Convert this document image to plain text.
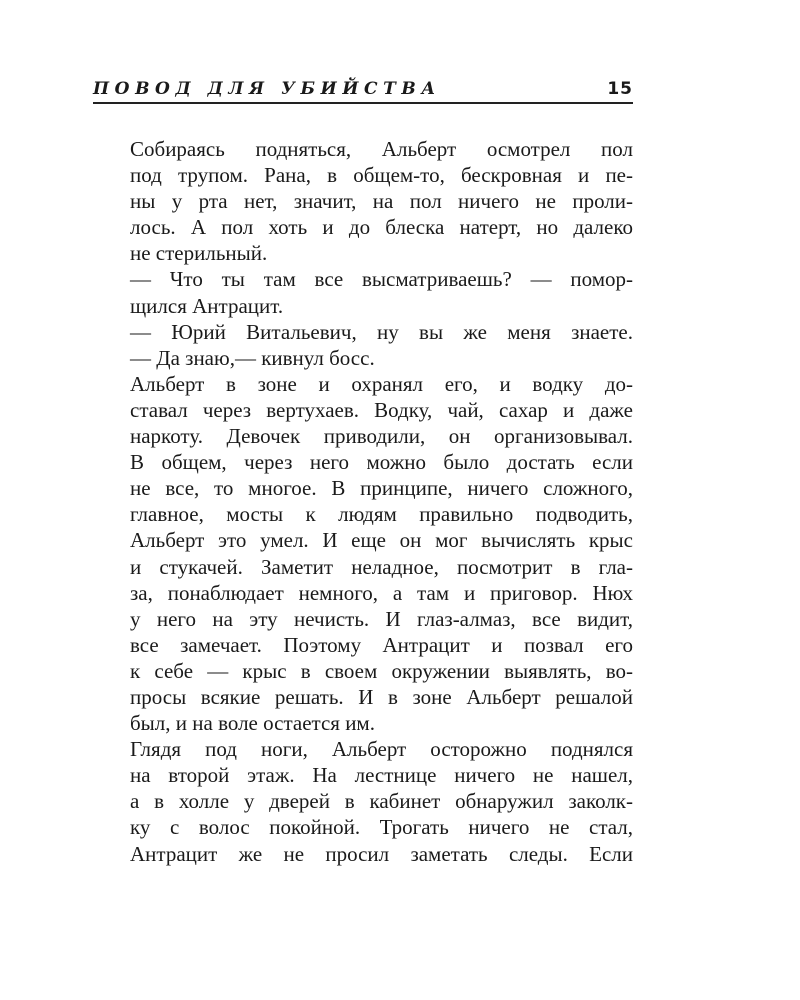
ПОВОД ДЛЯ УБИЙСТВА	15

Собираясь подняться, Альберт осмотрел пол
под трупом. Рана, в общем-то, бескровная и пе-
ны у рта нет, значит, на пол ничего не проли-
лось. А пол хоть и до блеска натерт, но далеко
не стерильный.

— Что ты там все высматриваешь? — помор-
щился Антрацит.

— Юрий Витальевич, ну вы же меня знаете.

— Да знаю,— кивнул босс.

Альберт в зоне и охранял его, и водку до-
ставал через вертухаев. Водку, чай, сахар и даже
наркоту. Девочек приводили, он организовывал.
В общем, через него можно было достать если
не все, то многое. В принципе, ничего сложного,
главное, мосты к людям правильно подводить,
Альберт это умел. И еще он мог вычислять крыс
и стукачей. Заметит неладное, посмотрит в гла-
за, понаблюдает немного, а там и приговор. Нюх
у него на эту нечисть. И глаз-алмаз, все видит,
все замечает. Поэтому Антрацит и позвал его
к себе — крыс в своем окружении выявлять, во-
просы всякие решать. И в зоне Альберт решалой
был, и на воле остается им.

Глядя под ноги, Альберт осторожно поднялся
на второй этаж. На лестнице ничего не нашел,
а в холле у дверей в кабинет обнаружил заколк-
ку с волос покойной. Трогать ничего не стал,
Антрацит же не просил заметать следы. Если
